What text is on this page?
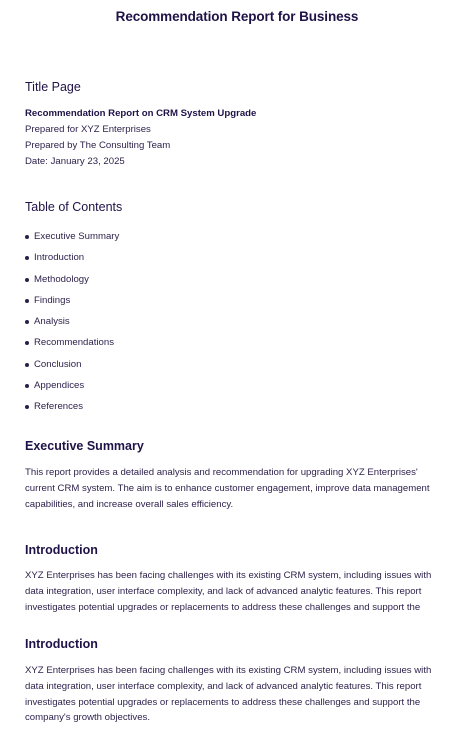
Recommendation Report for Business
Title Page
Recommendation Report on CRM System Upgrade
Prepared for XYZ Enterprises
Prepared by The Consulting Team
Date: January 23, 2025
Table of Contents
Executive Summary
Introduction
Methodology
Findings
Analysis
Recommendations
Conclusion
Appendices
References
Executive Summary
This report provides a detailed analysis and recommendation for upgrading XYZ Enterprises'
current CRM system. The aim is to enhance customer engagement, improve data management
capabilities, and increase overall sales efficiency.
Introduction
XYZ Enterprises has been facing challenges with its existing CRM system, including issues with
data integration, user interface complexity, and lack of advanced analytic features. This report
investigates potential upgrades or replacements to address these challenges and support the
Introduction
XYZ Enterprises has been facing challenges with its existing CRM system, including issues with
data integration, user interface complexity, and lack of advanced analytic features. This report
investigates potential upgrades or replacements to address these challenges and support the
company's growth objectives.
